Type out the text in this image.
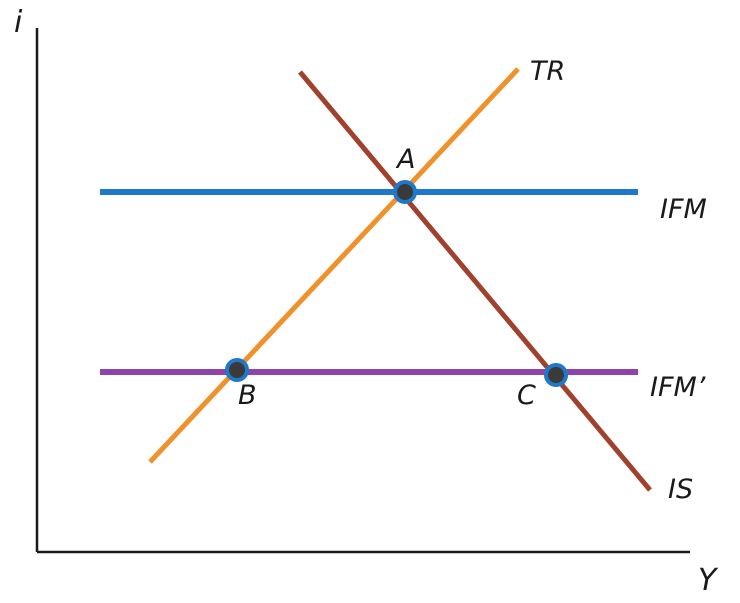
i
Y
TR
IFM
IFM’
IS
A
B	C
